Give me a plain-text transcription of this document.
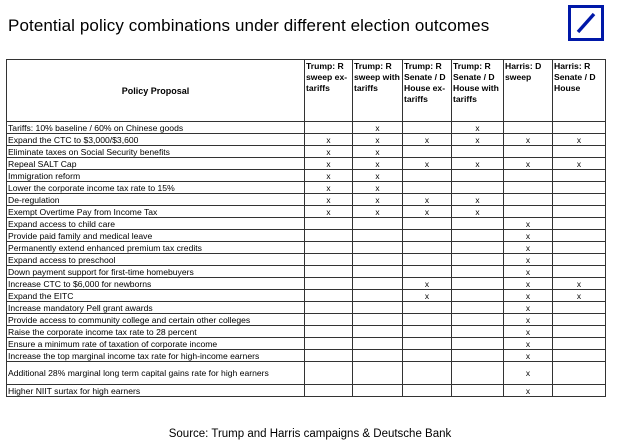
Potential policy combinations under different election outcomes
Policy Proposal	Trump: R sweep ex-tariffs	Trump: R sweep with tariffs	Trump: R Senate / D House ex-tariffs	Trump: R Senate / D House with tariffs	Harris: D sweep	Harris: R Senate / D House
Tariffs: 10% baseline / 60% on Chinese goods		x		x		
Expand the CTC to $3,000/$3,600	x	x	x	x	x	x
Eliminate taxes on Social Security benefits	x	x				
Repeal SALT Cap	x	x	x	x	x	x
Immigration reform	x	x				
Lower the corporate income tax rate to 15%	x	x				
De-regulation	x	x	x	x		
Exempt Overtime Pay from Income Tax	x	x	x	x		
Expand access to child care					x	
Provide paid family and medical leave					x	
Permanently extend enhanced premium tax credits					x	
Expand access to preschool					x	
Down payment support for first-time homebuyers					x	
Increase CTC to $6,000 for newborns			x		x	x
Expand the EITC			x		x	x
Increase mandatory Pell grant awards					x	
Provide access to community college and certain other colleges					x	
Raise the corporate income tax rate to 28 percent					x	
Ensure a minimum rate of taxation of corporate income					x	
Increase the top marginal income tax rate for high-income earners					x	
Additional 28% marginal long term capital gains rate for high earners					x	
Higher NIIT surtax for high earners					x	
Source: Trump and Harris campaigns & Deutsche Bank
